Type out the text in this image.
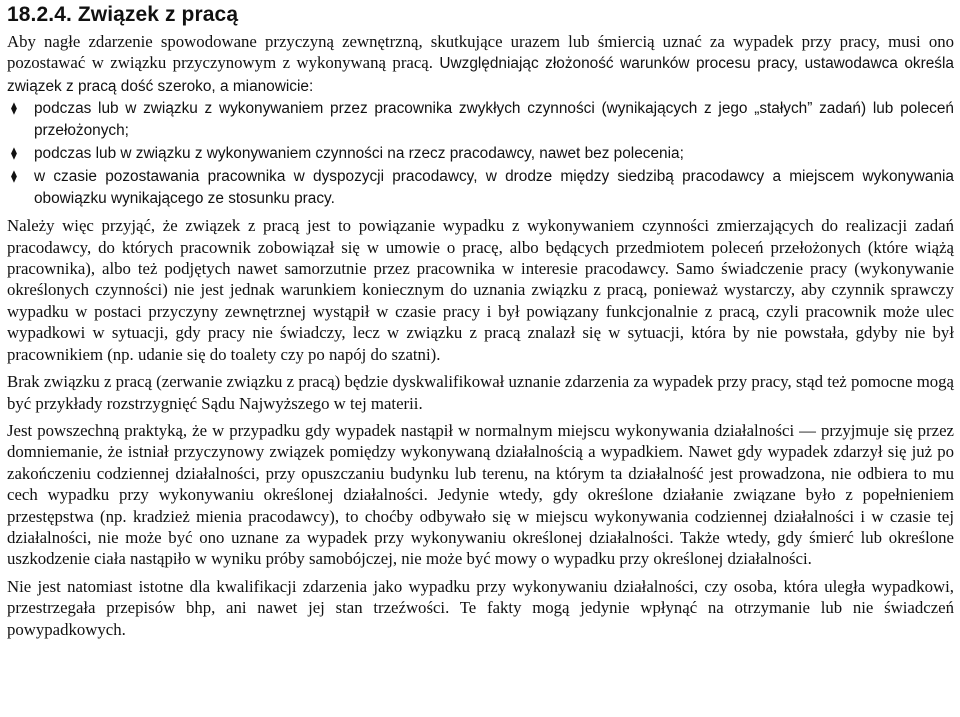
18.2.4. Związek z pracą

Aby nagłe zdarzenie spowodowane przyczyną zewnętrzną, skutkujące urazem lub śmiercią uznać za wypadek przy pracy, musi ono pozostawać w związku przyczynowym z wykonywaną pracą. Uwzględniając złożoność warunków procesu pracy, ustawodawca określa związek z pracą dość szeroko, a mianowicie:

⧫ podczas lub w związku z wykonywaniem przez pracownika zwykłych czynności (wynikających z jego „stałych” zadań) lub poleceń przełożonych;
⧫ podczas lub w związku z wykonywaniem czynności na rzecz pracodawcy, nawet bez polecenia;
⧫ w czasie pozostawania pracownika w dyspozycji pracodawcy, w drodze między siedzibą pracodawcy a miejscem wykonywania obowiązku wynikającego ze stosunku pracy.

Należy więc przyjąć, że związek z pracą jest to powiązanie wypadku z wykonywaniem czynności zmierzających do realizacji zadań pracodawcy, do których pracownik zobowiązał się w umowie o pracę, albo będących przedmiotem poleceń przełożonych (które wiążą pracownika), albo też podjętych nawet samorzutnie przez pracownika w interesie pracodawcy. Samo świadczenie pracy (wykonywanie określonych czynności) nie jest jednak warunkiem koniecznym do uznania związku z pracą, ponieważ wystarczy, aby czynnik sprawczy wypadku w postaci przyczyny zewnętrznej wystąpił w czasie pracy i był powiązany funkcjonalnie z pracą, czyli pracownik może ulec wypadkowi w sytuacji, gdy pracy nie świadczy, lecz w związku z pracą znalazł się w sytuacji, która by nie powstała, gdyby nie był pracownikiem (np. udanie się do toalety czy po napój do szatni).

Brak związku z pracą (zerwanie związku z pracą) będzie dyskwalifikował uznanie zdarzenia za wypadek przy pracy, stąd też pomocne mogą być przykłady rozstrzygnięć Sądu Najwyższego w tej materii.

Jest powszechną praktyką, że w przypadku gdy wypadek nastąpił w normalnym miejscu wykonywania działalności — przyjmuje się przez domniemanie, że istniał przyczynowy związek pomiędzy wykonywaną działalnością a wypadkiem. Nawet gdy wypadek zdarzył się już po zakończeniu codziennej działalności, przy opuszczaniu budynku lub terenu, na którym ta działalność jest prowadzona, nie odbiera to mu cech wypadku przy wykonywaniu określonej działalności. Jedynie wtedy, gdy określone działanie związane było z popełnieniem przestępstwa (np. kradzież mienia pracodawcy), to choćby odbywało się w miejscu wykonywania codziennej działalności i w czasie tej działalności, nie może być ono uznane za wypadek przy wykonywaniu określonej działalności. Także wtedy, gdy śmierć lub określone uszkodzenie ciała nastąpiło w wyniku próby samobójczej, nie może być mowy o wypadku przy określonej działalności.

Nie jest natomiast istotne dla kwalifikacji zdarzenia jako wypadku przy wykonywaniu działalności, czy osoba, która uległa wypadkowi, przestrzegała przepisów bhp, ani nawet jej stan trzeźwości. Te fakty mogą jedynie wpłynąć na otrzymanie lub nie świadczeń powypadkowych.
